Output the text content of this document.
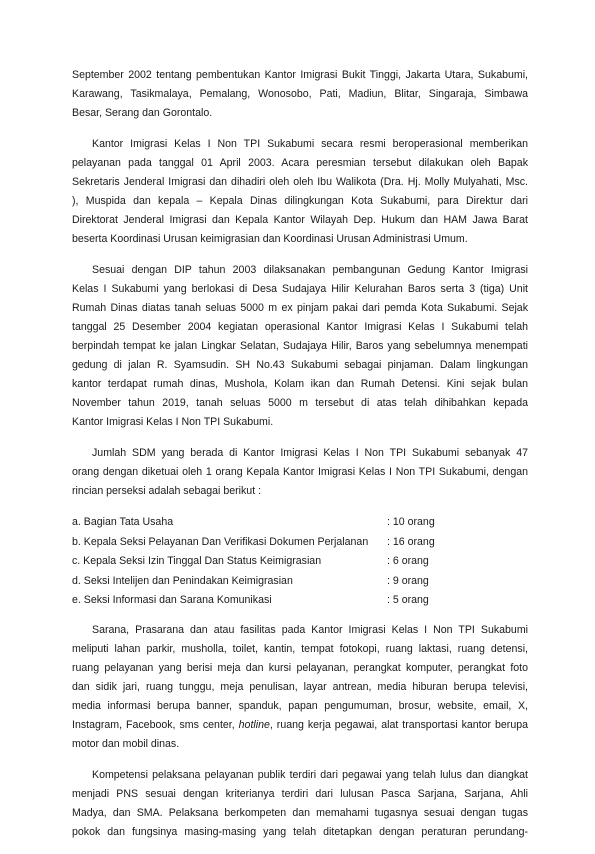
September 2002 tentang pembentukan Kantor Imigrasi Bukit Tinggi, Jakarta Utara, Sukabumi,
Karawang, Tasikmalaya, Pemalang, Wonosobo, Pati, Madiun, Blitar, Singaraja, Simbawa
Besar, Serang dan Gorontalo.
Kantor Imigrasi Kelas I Non TPI Sukabumi secara resmi beroperasional memberikan
pelayanan pada tanggal 01 April 2003. Acara peresmian tersebut dilakukan oleh Bapak
Sekretaris Jenderal Imigrasi dan dihadiri oleh oleh Ibu Walikota (Dra. Hj. Molly Mulyahati, Msc.
), Muspida dan kepala – Kepala Dinas dilingkungan Kota Sukabumi, para Direktur dari
Direktorat Jenderal Imigrasi dan Kepala Kantor Wilayah Dep. Hukum dan HAM Jawa Barat
beserta Koordinasi Urusan keimigrasian dan Koordinasi Urusan Administrasi Umum.
Sesuai dengan DIP tahun 2003 dilaksanakan pembangunan Gedung Kantor Imigrasi
Kelas I Sukabumi yang berlokasi di Desa Sudajaya Hilir Kelurahan Baros serta 3 (tiga) Unit
Rumah Dinas diatas tanah seluas 5000 m ex pinjam pakai dari pemda Kota Sukabumi. Sejak
tanggal 25 Desember 2004 kegiatan operasional Kantor Imigrasi Kelas I Sukabumi telah
berpindah tempat ke jalan Lingkar Selatan, Sudajaya Hilir, Baros yang sebelumnya menempati
gedung di jalan R. Syamsudin. SH No.43 Sukabumi sebagai pinjaman. Dalam lingkungan
kantor terdapat rumah dinas, Mushola, Kolam ikan dan Rumah Detensi. Kini sejak bulan
November tahun 2019, tanah seluas 5000 m tersebut di atas telah dihibahkan kepada
Kantor Imigrasi Kelas I Non TPI Sukabumi.
Jumlah SDM yang berada di Kantor Imigrasi Kelas I Non TPI Sukabumi sebanyak 47
orang dengan diketuai oleh 1 orang Kepala Kantor Imigrasi Kelas I Non TPI Sukabumi, dengan
rincian perseksi adalah sebagai berikut :
a. Bagian Tata Usaha	: 10 orang
b. Kepala Seksi Pelayanan Dan Verifikasi Dokumen Perjalanan : 16 orang
c. Kepala Seksi Izin Tinggal Dan Status Keimigrasian	: 6 orang
d. Seksi Intelijen dan Penindakan Keimigrasian	: 9 orang
e. Seksi Informasi dan Sarana Komunikasi	: 5 orang
Sarana, Prasarana dan atau fasilitas pada Kantor Imigrasi Kelas I Non TPI Sukabumi
meliputi lahan parkir, musholla, toilet, kantin, tempat fotokopi, ruang laktasi, ruang detensi,
ruang pelayanan yang berisi meja dan kursi pelayanan, perangkat komputer, perangkat foto
dan sidik jari, ruang tunggu, meja penulisan, layar antrean, media hiburan berupa televisi,
media informasi berupa banner, spanduk, papan pengumuman, brosur, website, email, X,
Instagram, Facebook, sms center, hotline, ruang kerja pegawai, alat transportasi kantor berupa
motor dan mobil dinas.
Kompetensi pelaksana pelayanan publik terdiri dari pegawai yang telah lulus dan diangkat
menjadi PNS sesuai dengan kriterianya terdiri dari lulusan Pasca Sarjana, Sarjana, Ahli
Madya, dan SMA. Pelaksana berkompeten dan memahami tugasnya sesuai dengan tugas
pokok dan fungsinya masing-masing yang telah ditetapkan dengan peraturan perundang-
